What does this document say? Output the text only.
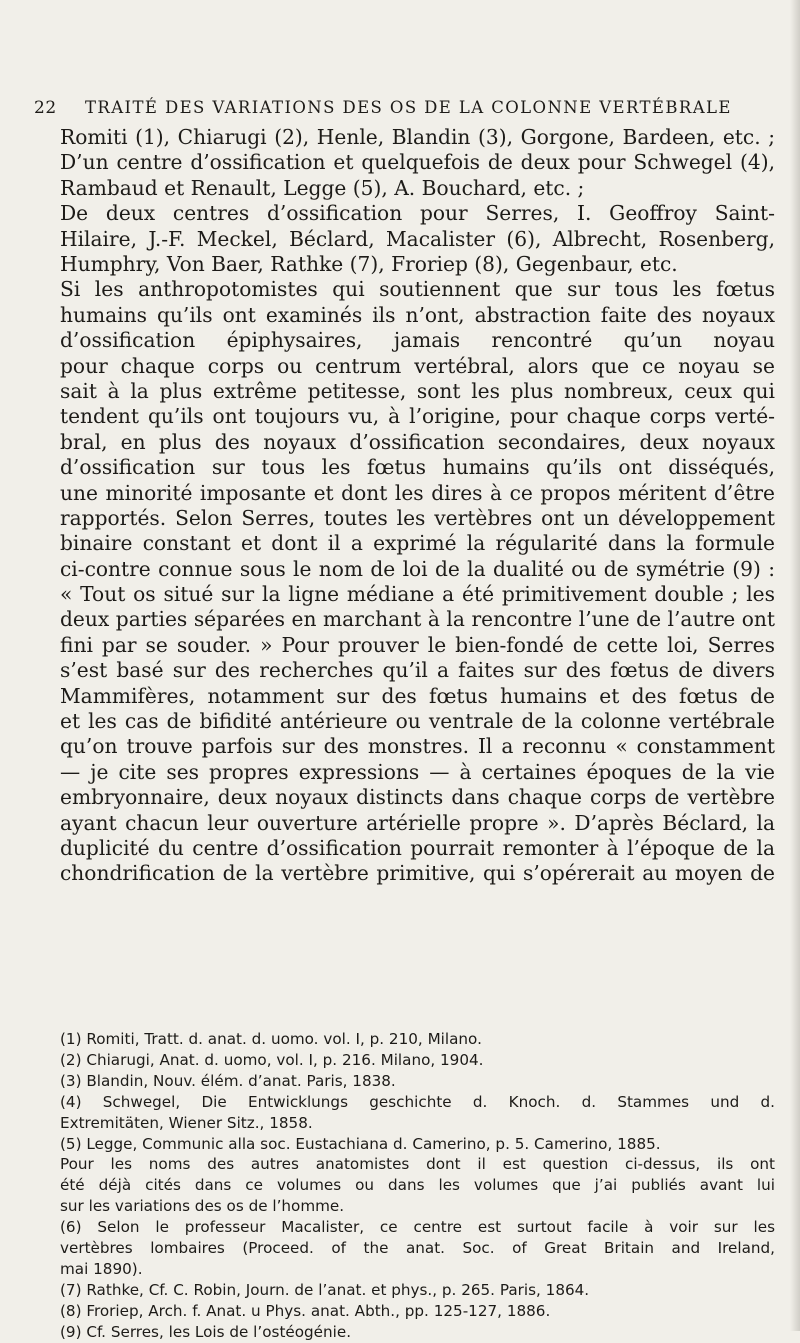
22 TRAITÉ DES VARIATIONS DES OS DE LA COLONNE VERTÉBRALE
Romiti (1), Chiarugi (2), Henle, Blandin (3), Gorgone, Bardeen, etc. ;
D’un centre d’ossification et quelquefois de deux pour Schwegel (4),
Rambaud et Renault, Legge (5), A. Bouchard, etc. ;
De deux centres d’ossification pour Serres, I. Geoffroy Saint-
Hilaire, J.-F. Meckel, Béclard, Macalister (6), Albrecht, Rosenberg,
Humphry, Von Baer, Rathke (7), Froriep (8), Gegenbaur, etc.
Si les anthropotomistes qui soutiennent que sur tous les fœtus
humains qu’ils ont examinés ils n’ont, abstraction faite des noyaux
d’ossification épiphysaires, jamais rencontré qu’un noyau
pour chaque corps ou centrum vertébral, alors que ce noyau se
sait à la plus extrême petitesse, sont les plus nombreux, ceux qui
tendent qu’ils ont toujours vu, à l’origine, pour chaque corps verté-
bral, en plus des noyaux d’ossification secondaires, deux noyaux
d’ossification sur tous les fœtus humains qu’ils ont disséqués,
une minorité imposante et dont les dires à ce propos méritent d’être
rapportés. Selon Serres, toutes les vertèbres ont un développement
binaire constant et dont il a exprimé la régularité dans la formule
ci-contre connue sous le nom de loi de la dualité ou de symétrie (9) :
« Tout os situé sur la ligne médiane a été primitivement double ; les
deux parties séparées en marchant à la rencontre l’une de l’autre ont
fini par se souder. » Pour prouver le bien-fondé de cette loi, Serres
s’est basé sur des recherches qu’il a faites sur des fœtus de divers
Mammifères, notamment sur des fœtus humains et des fœtus de
et les cas de bifidité antérieure ou ventrale de la colonne vertébrale
qu’on trouve parfois sur des monstres. Il a reconnu « constamment
— je cite ses propres expressions — à certaines époques de la vie
embryonnaire, deux noyaux distincts dans chaque corps de vertèbre
ayant chacun leur ouverture artérielle propre ». D’après Béclard, la
duplicité du centre d’ossification pourrait remonter à l’époque de la
chondrification de la vertèbre primitive, qui s’opérerait au moyen de
(1) Romiti, Tratt. d. anat. d. uomo. vol. I, p. 210, Milano.
(2) Chiarugi, Anat. d. uomo, vol. I, p. 216. Milano, 1904.
(3) Blandin, Nouv. élém. d’anat. Paris, 1838.
(4) Schwegel, Die Entwicklungs geschichte d. Knoch. d. Stammes und d.
Extremitäten, Wiener Sitz., 1858.
(5) Legge, Communic alla soc. Eustachiana d. Camerino, p. 5. Camerino, 1885.
Pour les noms des autres anatomistes dont il est question ci-dessus, ils ont
été déjà cités dans ce volumes ou dans les volumes que j’ai publiés avant lui
sur les variations des os de l’homme.
(6) Selon le professeur Macalister, ce centre est surtout facile à voir sur les
vertèbres lombaires (Proceed. of the anat. Soc. of Great Britain and Ireland,
mai 1890).
(7) Rathke, Cf. C. Robin, Journ. de l’anat. et phys., p. 265. Paris, 1864.
(8) Froriep, Arch. f. Anat. u Phys. anat. Abth., pp. 125-127, 1886.
(9) Cf. Serres, les Lois de l’ostéogénie.
